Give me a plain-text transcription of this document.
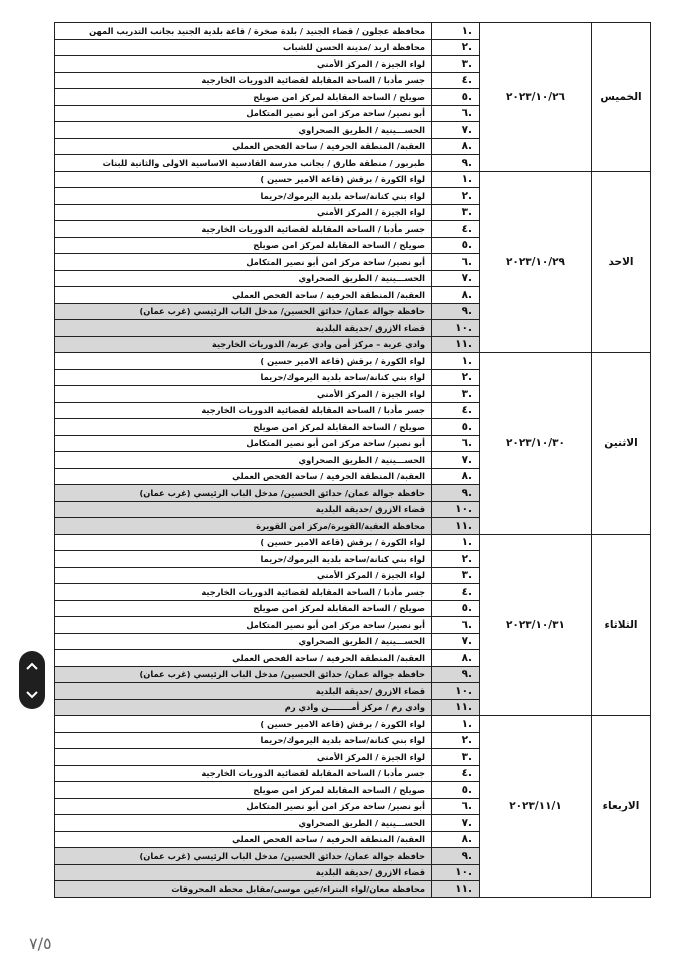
الخميس	٢٠٢٣/١٠/٢٦	.١	محافظة عجلون / قضاء الجنيد / بلدة صخرة / قاعة بلدية الجنيد بجانب التدريب المهن
		.٢	محافظة اربد /مدينة الحسن للشباب
		.٣	لواء الجيزة / المركز الأمني
		.٤	جسر مأدبا / الساحة المقابلة لقضائية الدوريات الخارجية
		.٥	صويلح / الساحة المقابلة لمركز امن صويلح
		.٦	أبو نصير/ ساحة مركز امن أبو نصير المتكامل
		.٧	الحســـينية / الطريق الصحراوي
		.٨	العقبة/ المنطقة الحرفية / ساحة الفحص العملي
		.٩	طبربور / منطقة طارق / بجانب مدرسة القادسية الاساسية الاولى والثانية للبنات
الاحد	٢٠٢٣/١٠/٢٩	.١	لواء الكورة / برقش (قاعة الامير حسين )
		.٢	لواء بني كنانة/ساحة بلدية اليرموك/حريما
		.٣	لواء الجيزة / المركز الأمني
		.٤	جسر مأدبا / الساحة المقابلة لقضائية الدوريات الخارجية
		.٥	صويلح / الساحة المقابلة لمركز امن صويلح
		.٦	أبو نصير/ ساحة مركز امن أبو نصير المتكامل
		.٧	الحســـينية / الطريق الصحراوي
		.٨	العقبة/ المنطقة الحرفية / ساحة الفحص العملي
		.٩	حافظة جوالة عمان/ حدائق الحسين/ مدخل الباب الرئيسي (غرب عمان)
		.١٠	قضاء الازرق /حديقة البلدية
		.١١	وادي عربة – مركز أمن وادي عربة/ الدوريات الخارجية
الاثنين	٢٠٢٣/١٠/٣٠	.١	لواء الكورة / برقش (قاعة الامير حسين )
		.٢	لواء بني كنانة/ساحة بلدية اليرموك/حريما
		.٣	لواء الجيزة / المركز الأمني
		.٤	جسر مأدبا / الساحة المقابلة لقضائية الدوريات الخارجية
		.٥	صويلح / الساحة المقابلة لمركز امن صويلح
		.٦	أبو نصير/ ساحة مركز امن أبو نصير المتكامل
		.٧	الحســـينية / الطريق الصحراوي
		.٨	العقبة/ المنطقة الحرفية / ساحة الفحص العملي
		.٩	حافظة جوالة عمان/ حدائق الحسين/ مدخل الباب الرئيسي (غرب عمان)
		.١٠	قضاء الازرق /حديقة البلدية
		.١١	محافظة العقبة/القويرة/مركز امن القويرة
الثلاثاء	٢٠٢٣/١٠/٣١	.١	لواء الكورة / برقش (قاعة الامير حسين )
		.٢	لواء بني كنانة/ساحة بلدية اليرموك/حريما
		.٣	لواء الجيزة / المركز الأمني
		.٤	جسر مأدبا / الساحة المقابلة لقضائية الدوريات الخارجية
		.٥	صويلح / الساحة المقابلة لمركز امن صويلح
		.٦	أبو نصير/ ساحة مركز امن أبو نصير المتكامل
		.٧	الحســـينية / الطريق الصحراوي
		.٨	العقبة/ المنطقة الحرفية / ساحة الفحص العملي
		.٩	حافظة جوالة عمان/ حدائق الحسين/ مدخل الباب الرئيسي (غرب عمان)
		.١٠	قضاء الازرق /حديقة البلدية
		.١١	وادي رم / مركز أمــــــــن وادي رم
الاربعاء	٢٠٢٣/١١/١	.١	لواء الكورة / برقش (قاعة الامير حسين )
		.٢	لواء بني كنانة/ساحة بلدية اليرموك/حريما
		.٣	لواء الجيزة / المركز الأمني
		.٤	جسر مأدبا / الساحة المقابلة لقضائية الدوريات الخارجية
		.٥	صويلح / الساحة المقابلة لمركز امن صويلح
		.٦	أبو نصير/ ساحة مركز امن أبو نصير المتكامل
		.٧	الحســـينية / الطريق الصحراوي
		.٨	العقبة/ المنطقة الحرفية / ساحة الفحص العملي
		.٩	حافظة جوالة عمان/ حدائق الحسين/ مدخل الباب الرئيسي (غرب عمان)
		.١٠	قضاء الازرق /حديقة البلدية
		.١١	محافظة معان/لواء البتراء/عين موسى/مقابل محطة المحروقات
٧/٥
